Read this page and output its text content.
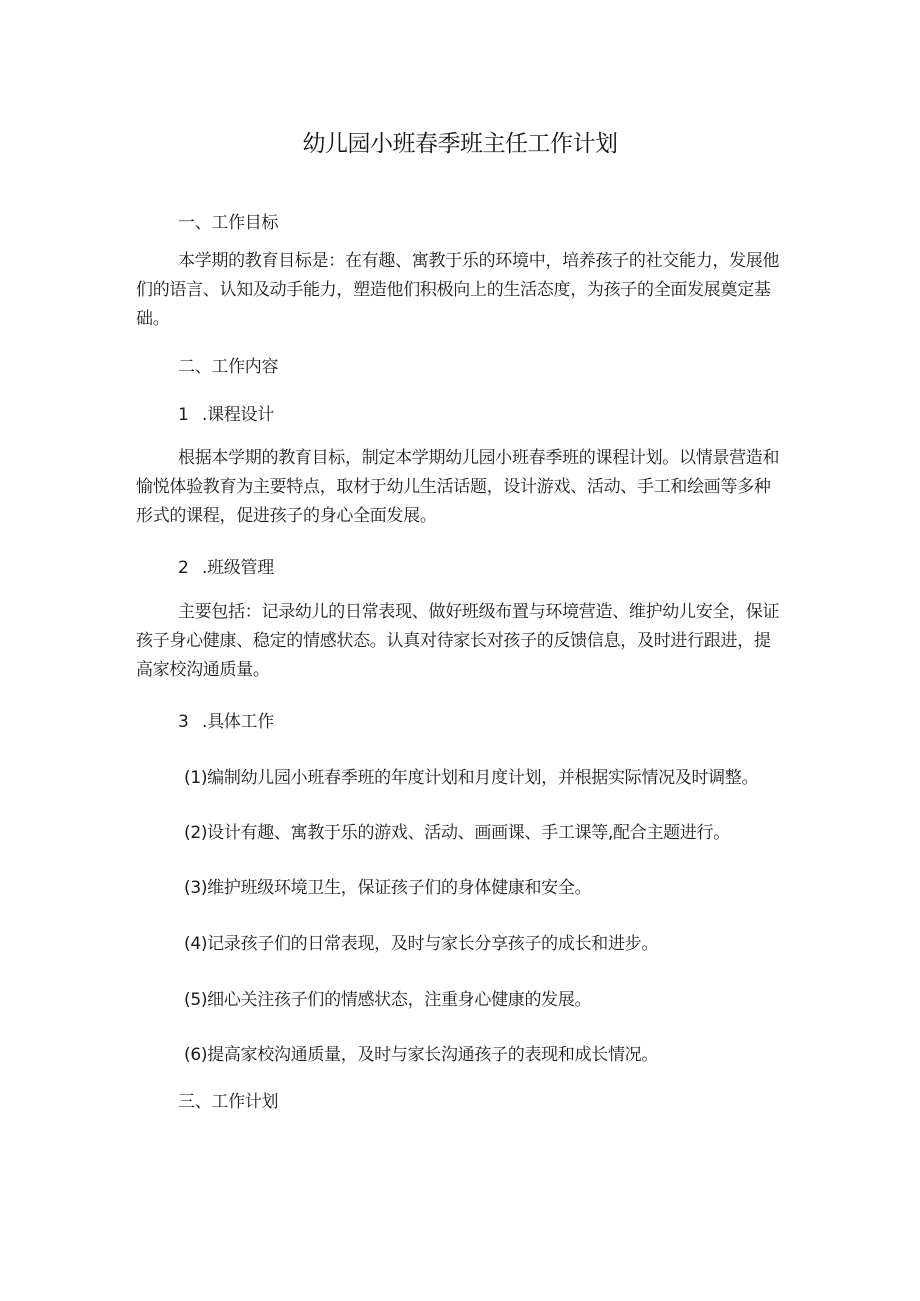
幼儿园小班春季班主任工作计划
一、工作目标
本学期的教育目标是：在有趣、寓教于乐的环境中，培养孩子的社交能力，发展他们的语言、认知及动手能力，塑造他们积极向上的生活态度，为孩子的全面发展奠定基础。
二、工作内容
1 .课程设计
根据本学期的教育目标，制定本学期幼儿园小班春季班的课程计划。以情景营造和愉悦体验教育为主要特点，取材于幼儿生活话题，设计游戏、活动、手工和绘画等多种形式的课程，促进孩子的身心全面发展。
2 .班级管理
主要包括：记录幼儿的日常表现、做好班级布置与环境营造、维护幼儿安全，保证孩子身心健康、稳定的情感状态。认真对待家长对孩子的反馈信息，及时进行跟进，提高家校沟通质量。
3 .具体工作
(1)编制幼儿园小班春季班的年度计划和月度计划，并根据实际情况及时调整。
(2)设计有趣、寓教于乐的游戏、活动、画画课、手工课等,配合主题进行。
(3)维护班级环境卫生，保证孩子们的身体健康和安全。
(4)记录孩子们的日常表现，及时与家长分享孩子的成长和进步。
(5)细心关注孩子们的情感状态，注重身心健康的发展。
(6)提高家校沟通质量，及时与家长沟通孩子的表现和成长情况。
三、工作计划
